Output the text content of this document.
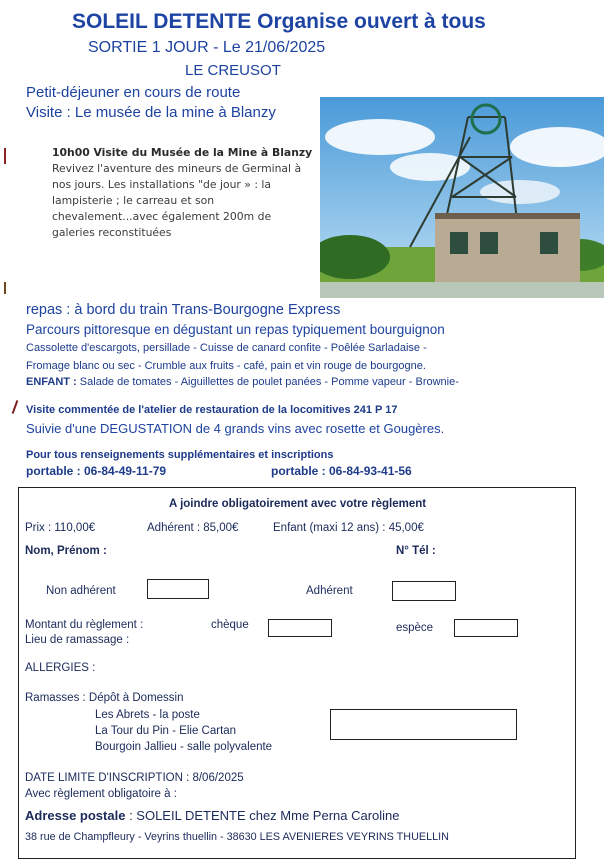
SOLEIL DETENTE Organise ouvert à tous
SORTIE 1 JOUR - Le 21/06/2025
LE CREUSOT
Petit-déjeuner en cours de route
Visite : Le musée de la mine à Blanzy
10h00 Visite du Musée de la Mine à Blanzy
Revivez l'aventure des mineurs de Germinal à nos jours. Les installations "de jour » : la lampisterie ; le carreau et son chevalement...avec également 200m de galeries reconstituées
repas : à bord du train Trans-Bourgogne Express
Parcours pittoresque en dégustant un repas typiquement bourguignon
Cassolette d'escargots, persillade - Cuisse de canard confite - Poêlée Sarladaise -
Fromage blanc ou sec - Crumble aux fruits - café, pain et vin rouge de bourgogne.
ENFANT : Salade de tomates - Aiguillettes de poulet panées - Pomme vapeur - Brownie-
Visite commentée de l'atelier de restauration de la locomitives 241 P 17
Suivie d'une DEGUSTATION de 4 grands vins avec rosette et Gougères.
Pour tous renseignements supplémentaires et inscriptions
portable : 06-84-49-11-79	portable : 06-84-93-41-56
A joindre obligatoirement avec votre règlement
Prix : 110,00€	Adhérent : 85,00€	Enfant (maxi 12 ans) : 45,00€
Nom, Prénom :	N° Tél :
Non adhérent	Adhérent
Montant du règlement :	chèque	espèce
Lieu de ramassage :
ALLERGIES :
Ramasses : Dépôt à Domessin
Les Abrets - la poste
La Tour du Pin - Elie Cartan
Bourgoin Jallieu - salle polyvalente
DATE LIMITE D'INSCRIPTION : 8/06/2025
Avec règlement obligatoire à :
Adresse postale : SOLEIL DETENTE chez Mme Perna Caroline
38 rue de Champfleury - Veyrins thuellin - 38630 LES AVENIERES VEYRINS THUELLIN
